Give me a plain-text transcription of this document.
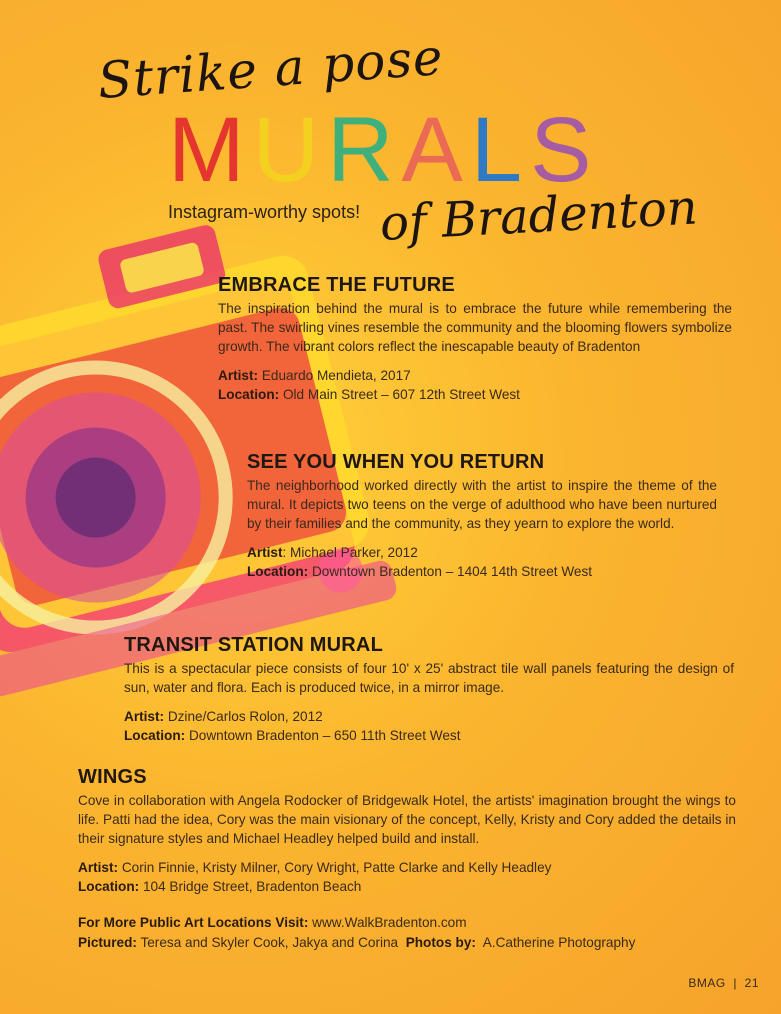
Strike a pose
MURALS
Instagram-worthy spots! of Bradenton
EMBRACE THE FUTURE

The inspiration behind the mural is to embrace the future while remembering the past. The swirling vines resemble the community and the blooming flowers symbolize growth. The vibrant colors reflect the inescapable beauty of Bradenton

Artist: Eduardo Mendieta, 2017
Location: Old Main Street – 607 12th Street West
SEE YOU WHEN YOU RETURN

The neighborhood worked directly with the artist to inspire the theme of the mural. It depicts two teens on the verge of adulthood who have been nurtured by their families and the community, as they yearn to explore the world.

Artist: Michael Parker, 2012
Location: Downtown Bradenton – 1404 14th Street West
TRANSIT STATION MURAL

This is a spectacular piece consists of four 10' x 25' abstract tile wall panels featuring the design of sun, water and flora. Each is produced twice, in a mirror image.

Artist: Dzine/Carlos Rolon, 2012
Location: Downtown Bradenton – 650 11th Street West
WINGS

Cove in collaboration with Angela Rodocker of Bridgewalk Hotel, the artists' imagination brought the wings to life. Patti had the idea, Cory was the main visionary of the concept, Kelly, Kristy and Cory added the details in their signature styles and Michael Headley helped build and install.

Artist: Corin Finnie, Kristy Milner, Cory Wright, Patte Clarke and Kelly Headley
Location: 104 Bridge Street, Bradenton Beach
For More Public Art Locations Visit: www.WalkBradenton.com
Pictured: Teresa and Skyler Cook, Jakya and Corina Photos by: A.Catherine Photography
BMAG | 21
